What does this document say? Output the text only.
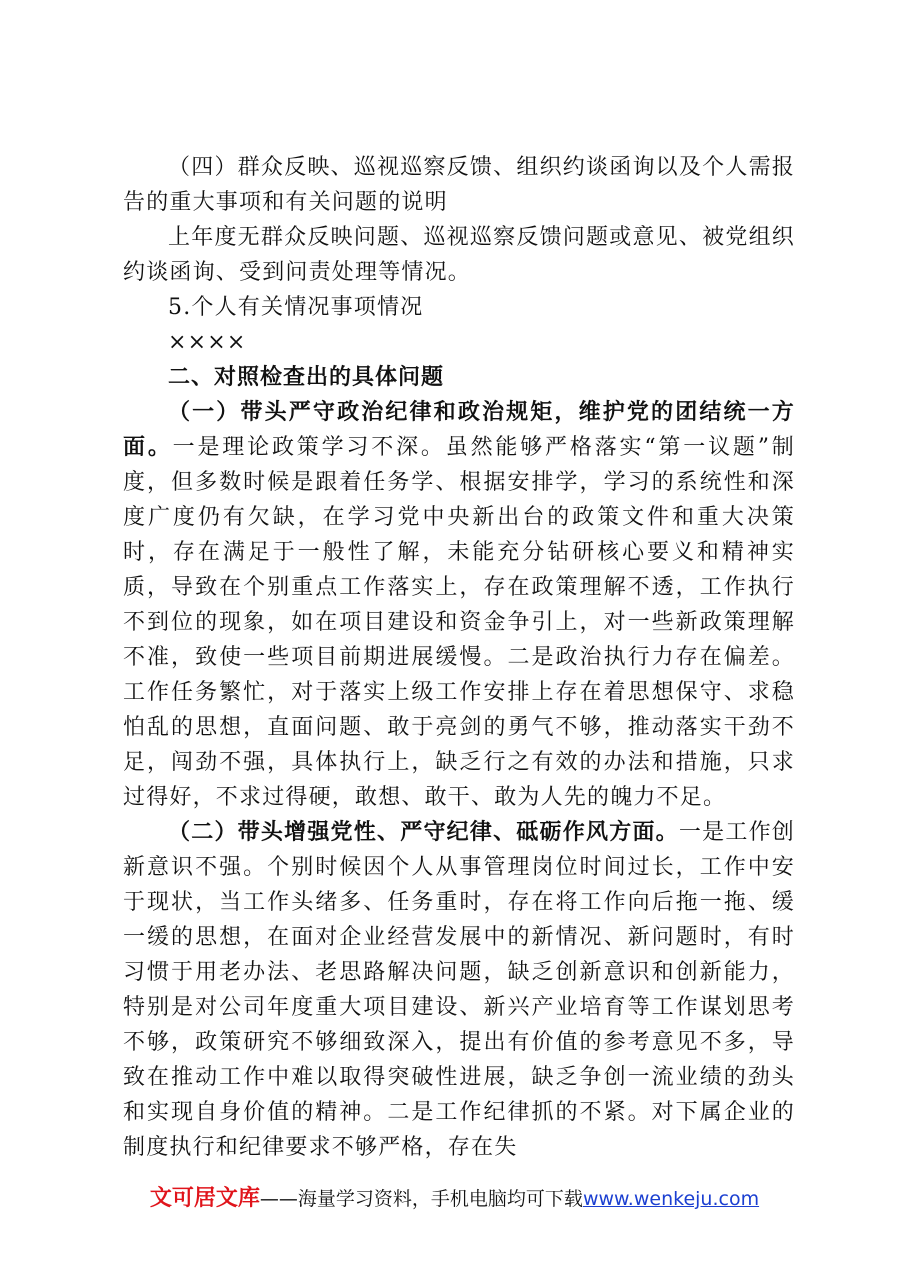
（四）群众反映、巡视巡察反馈、组织约谈函询以及个人需报告的重大事项和有关问题的说明

上年度无群众反映问题、巡视巡察反馈问题或意见、被党组织约谈函询、受到问责处理等情况。

5.个人有关情况事项情况

××××

二、对照检查出的具体问题

（一）带头严守政治纪律和政治规矩，维护党的团结统一方面。一是理论政策学习不深。虽然能够严格落实“第一议题”制度，但多数时候是跟着任务学、根据安排学，学习的系统性和深度广度仍有欠缺，在学习党中央新出台的政策文件和重大决策时，存在满足于一般性了解，未能充分钻研核心要义和精神实质，导致在个别重点工作落实上，存在政策理解不透，工作执行不到位的现象，如在项目建设和资金争引上，对一些新政策理解不准，致使一些项目前期进展缓慢。二是政治执行力存在偏差。工作任务繁忙，对于落实上级工作安排上存在着思想保守、求稳怕乱的思想，直面问题、敢于亮剑的勇气不够，推动落实干劲不足，闯劲不强，具体执行上，缺乏行之有效的办法和措施，只求过得好，不求过得硬，敢想、敢干、敢为人先的魄力不足。

（二）带头增强党性、严守纪律、砥砺作风方面。一是工作创新意识不强。个别时候因个人从事管理岗位时间过长，工作中安于现状，当工作头绪多、任务重时，存在将工作向后拖一拖、缓一缓的思想，在面对企业经营发展中的新情况、新问题时，有时习惯于用老办法、老思路解决问题，缺乏创新意识和创新能力，特别是对公司年度重大项目建设、新兴产业培育等工作谋划思考不够，政策研究不够细致深入，提出有价值的参考意见不多，导致在推动工作中难以取得突破性进展，缺乏争创一流业绩的劲头和实现自身价值的精神。二是工作纪律抓的不紧。对下属企业的制度执行和纪律要求不够严格，存在失

文可居文库——海量学习资料，手机电脑均可下载www.wenkeju.com
